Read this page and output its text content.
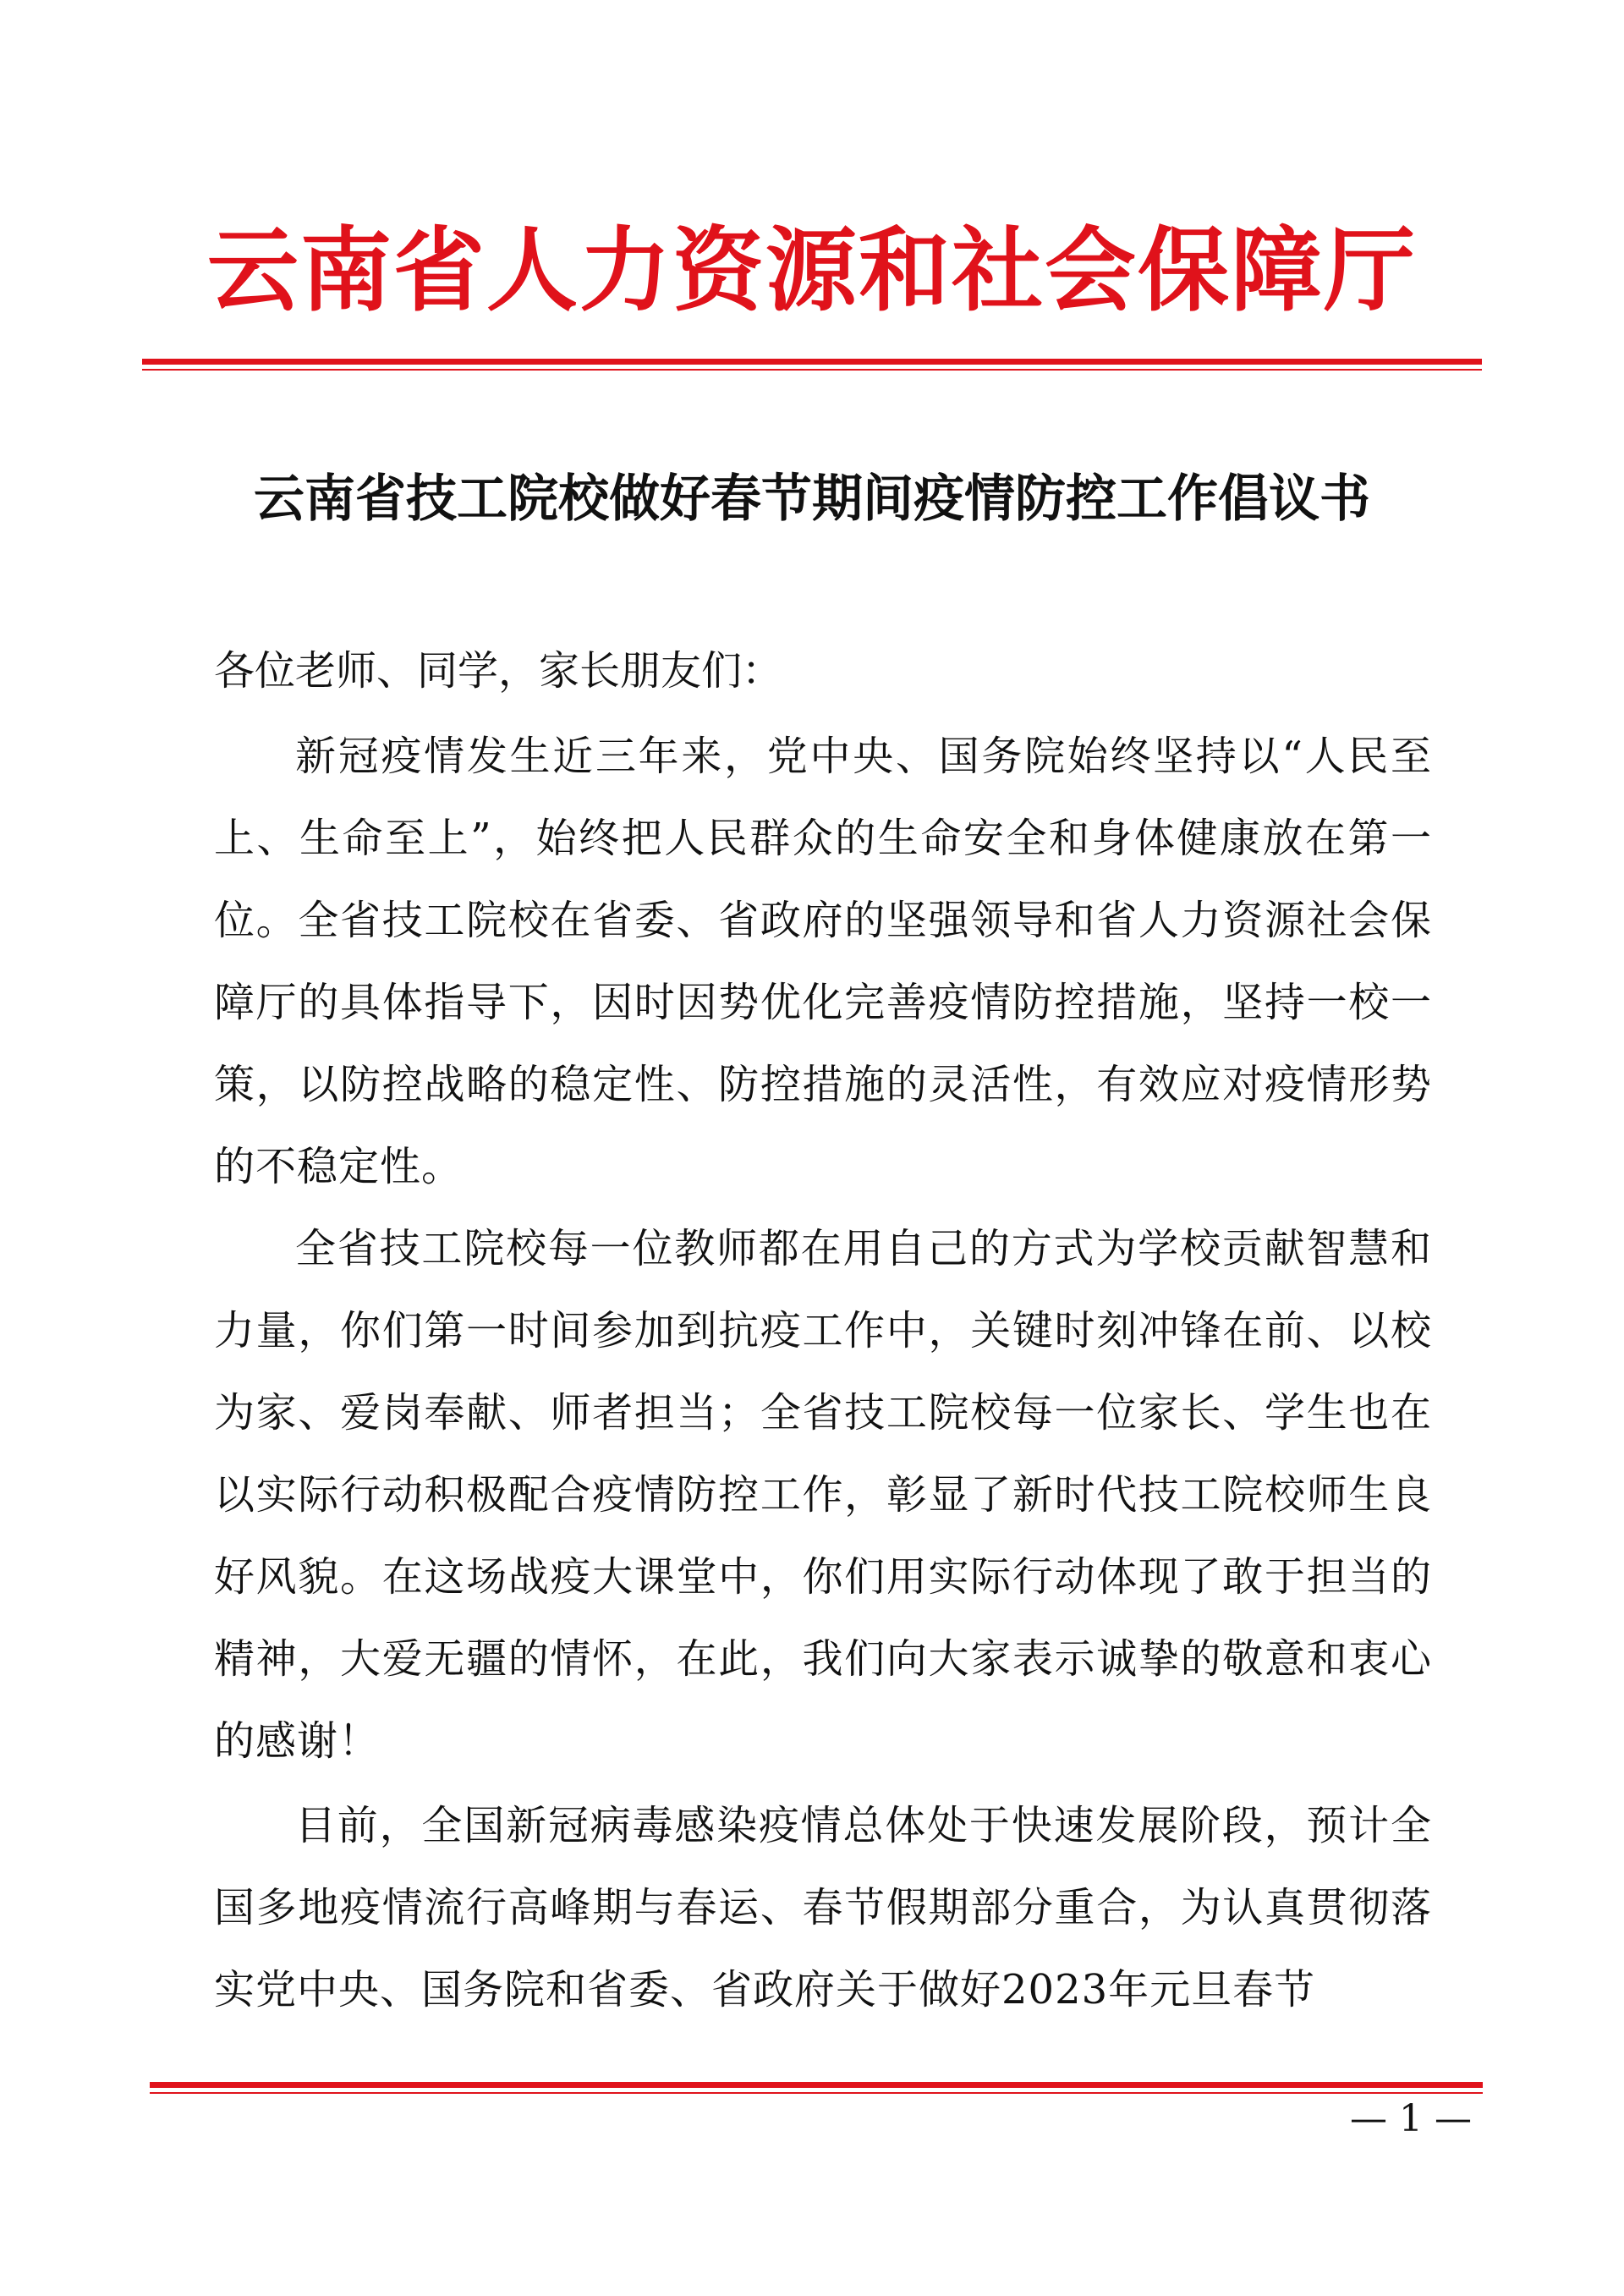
云南省人力资源和社会保障厅
云南省技工院校做好春节期间疫情防控工作倡议书
各位老师、同学，家长朋友们：

新冠疫情发生近三年来，党中央、国务院始终坚持以“人民至上、生命至上”，始终把人民群众的生命安全和身体健康放在第一位。全省技工院校在省委、省政府的坚强领导和省人力资源社会保障厅的具体指导下，因时因势优化完善疫情防控措施，坚持一校一策，以防控战略的稳定性、防控措施的灵活性，有效应对疫情形势的不稳定性。

全省技工院校每一位教师都在用自己的方式为学校贡献智慧和力量，你们第一时间参加到抗疫工作中，关键时刻冲锋在前、以校为家、爱岗奉献、师者担当；全省技工院校每一位家长、学生也在以实际行动积极配合疫情防控工作，彰显了新时代技工院校师生良好风貌。在这场战疫大课堂中，你们用实际行动体现了敢于担当的精神，大爱无疆的情怀，在此，我们向大家表示诚挚的敬意和衷心的感谢！

目前，全国新冠病毒感染疫情总体处于快速发展阶段，预计全国多地疫情流行高峰期与春运、春节假期部分重合，为认真贯彻落实党中央、国务院和省委、省政府关于做好2023年元旦春节

— 1 —
